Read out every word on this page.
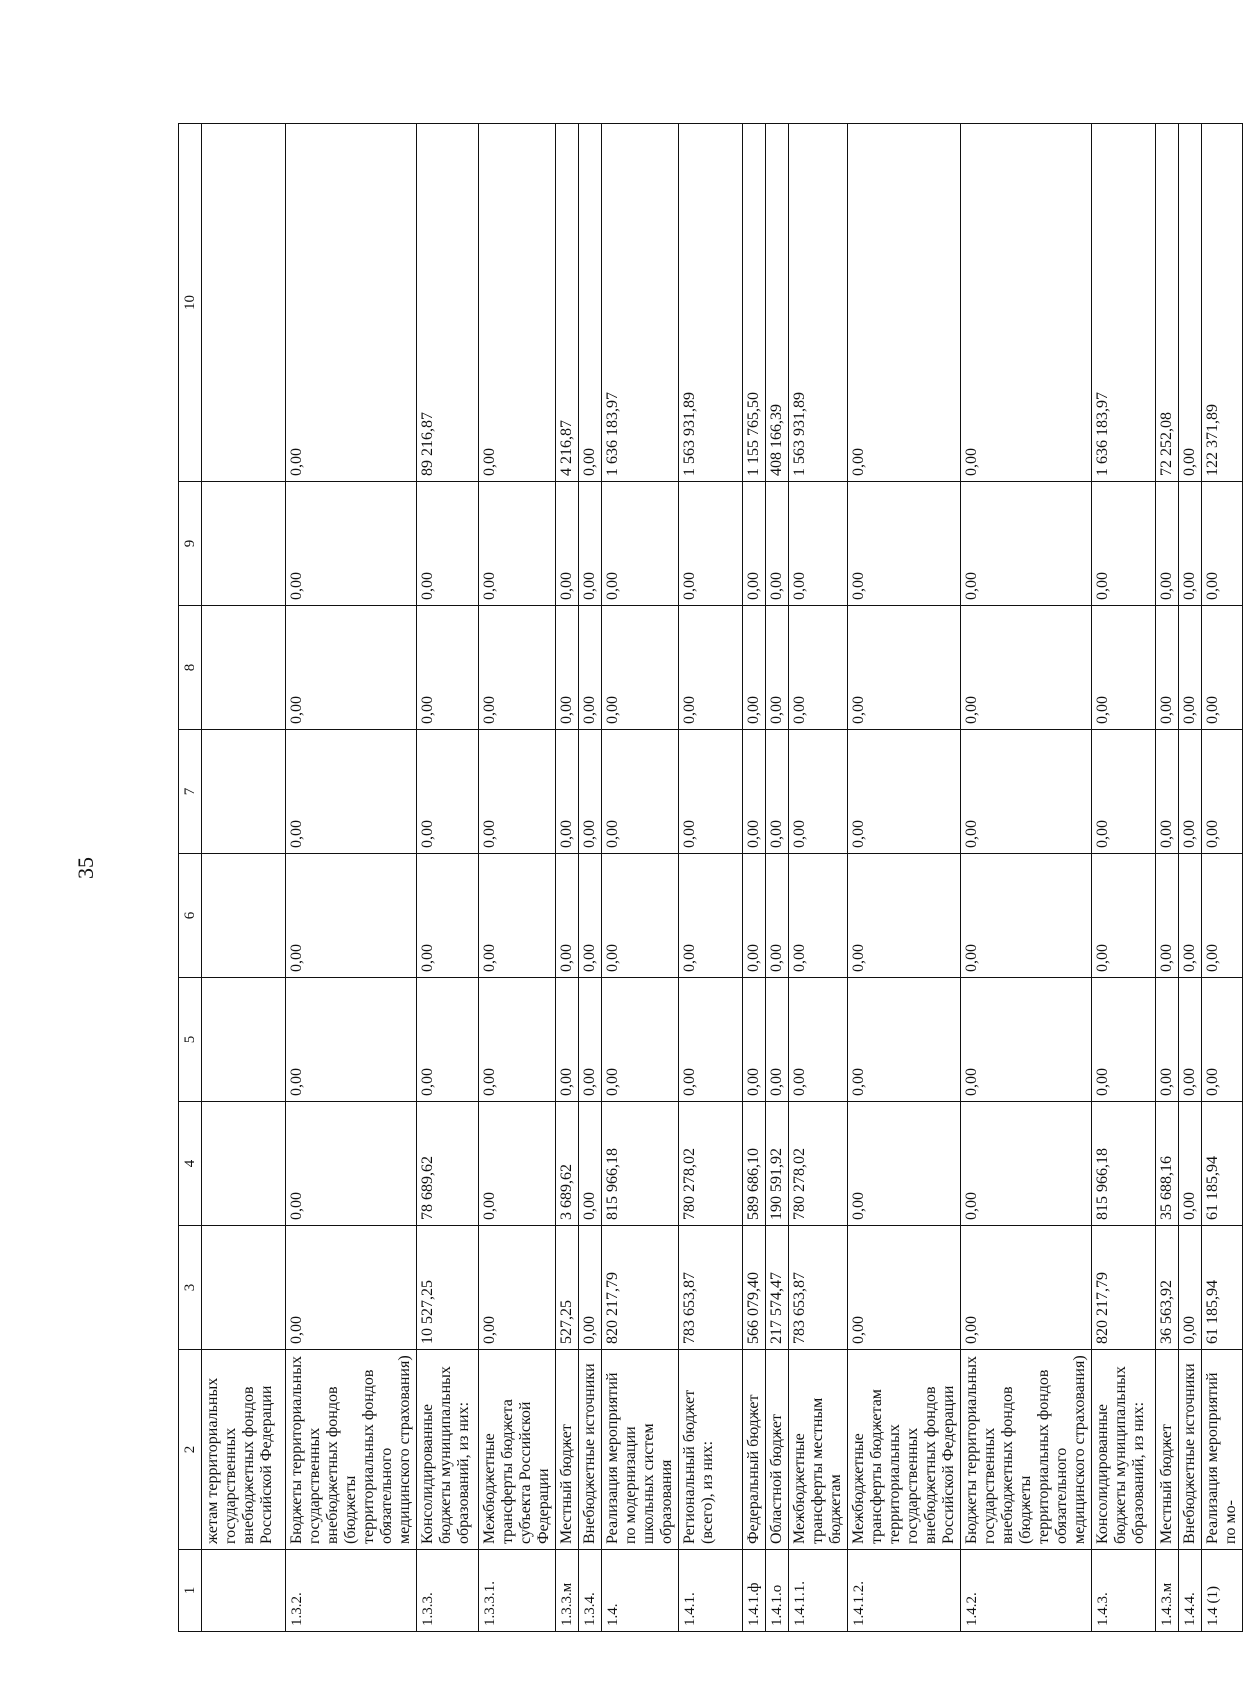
35
1	2	3	4	5	6	7	8	9	10
	жетам территориальных государственных внебюджетных фондов Российской Федерации								
1.3.2.	Бюджеты территориальных государственных внебюджетных фондов (бюджеты территориальных фондов обязательного медицинского страхования)	0,00	0,00	0,00	0,00	0,00	0,00	0,00	0,00
1.3.3.	Консолидированные бюджеты муниципальных образований, из них:	10 527,25	78 689,62	0,00	0,00	0,00	0,00	0,00	89 216,87
1.3.3.1.	Межбюджетные трансферты бюджета субъекта Российской Федерации	0,00	0,00	0,00	0,00	0,00	0,00	0,00	0,00
1.3.3.м	Местный бюджет	527,25	3 689,62	0,00	0,00	0,00	0,00	0,00	4 216,87
1.3.4.	Внебюджетные источники	0,00	0,00	0,00	0,00	0,00	0,00	0,00	0,00
1.4.	Реализация мероприятий по модернизации школьных систем образования	820 217,79	815 966,18	0,00	0,00	0,00	0,00	0,00	1 636 183,97
1.4.1.	Региональный бюджет (всего), из них:	783 653,87	780 278,02	0,00	0,00	0,00	0,00	0,00	1 563 931,89
1.4.1.ф	Федеральный бюджет	566 079,40	589 686,10	0,00	0,00	0,00	0,00	0,00	1 155 765,50
1.4.1.о	Областной бюджет	217 574,47	190 591,92	0,00	0,00	0,00	0,00	0,00	408 166,39
1.4.1.1.	Межбюджетные трансферты местным бюджетам	783 653,87	780 278,02	0,00	0,00	0,00	0,00	0,00	1 563 931,89
1.4.1.2.	Межбюджетные трансферты бюджетам территориальных государственных внебюджетных фондов Российской Федерации	0,00	0,00	0,00	0,00	0,00	0,00	0,00	0,00
1.4.2.	Бюджеты территориальных государственных внебюджетных фондов (бюджеты территориальных фондов обязательного медицинского страхования)	0,00	0,00	0,00	0,00	0,00	0,00	0,00	0,00
1.4.3.	Консолидированные бюджеты муниципальных образований, из них:	820 217,79	815 966,18	0,00	0,00	0,00	0,00	0,00	1 636 183,97
1.4.3.м	Местный бюджет	36 563,92	35 688,16	0,00	0,00	0,00	0,00	0,00	72 252,08
1.4.4.	Внебюджетные источники	0,00	0,00	0,00	0,00	0,00	0,00	0,00	0,00
1.4 (1)	Реализация мероприятий по мо-	61 185,94	61 185,94	0,00	0,00	0,00	0,00	0,00	122 371,89
